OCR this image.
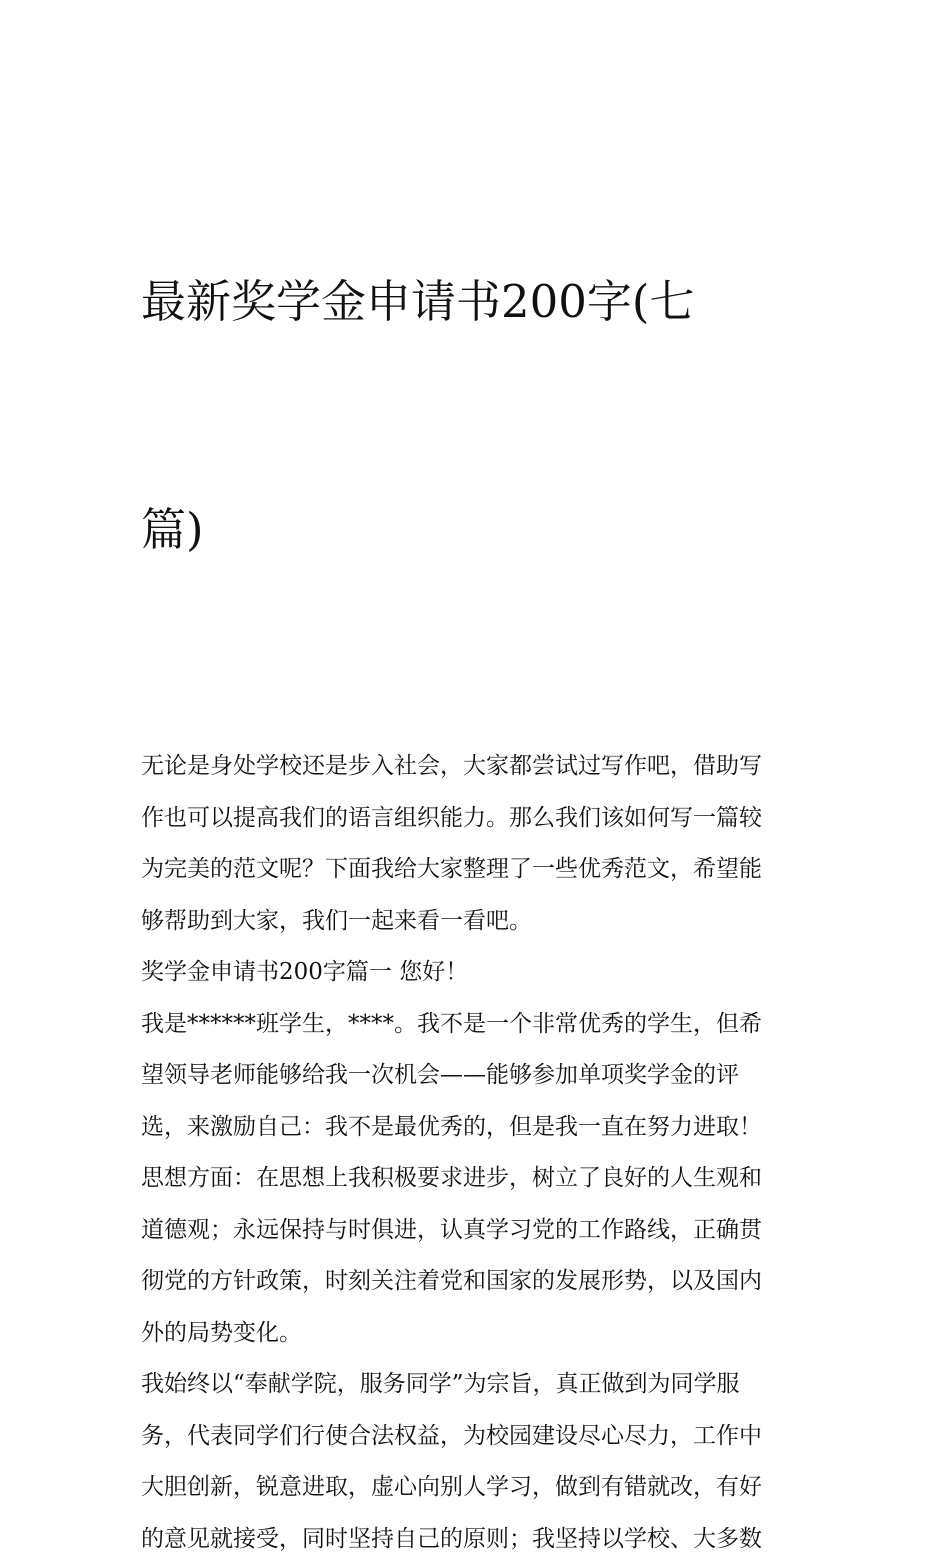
最新奖学金申请书200字(七

篇)

无论是身处学校还是步入社会，大家都尝试过写作吧，借助写
作也可以提高我们的语言组织能力。那么我们该如何写一篇较
为完美的范文呢？下面我给大家整理了一些优秀范文，希望能
够帮助到大家，我们一起来看一看吧。
奖学金申请书200字篇一 您好！
我是******班学生，****。我不是一个非常优秀的学生，但希
望领导老师能够给我一次机会——能够参加单项奖学金的评
选，来激励自己：我不是最优秀的，但是我一直在努力进取！
思想方面：在思想上我积极要求进步，树立了良好的人生观和
道德观；永远保持与时俱进，认真学习党的工作路线，正确贯
彻党的方针政策，时刻关注着党和国家的发展形势，以及国内
外的局势变化。
我始终以“奉献学院，服务同学”为宗旨，真正做到为同学服
务，代表同学们行使合法权益，为校园建设尽心尽力，工作中
大胆创新，锐意进取，虚心向别人学习，做到有错就改，有好
的意见就接受，同时坚持自己的原则；我坚持以学校、大多数
